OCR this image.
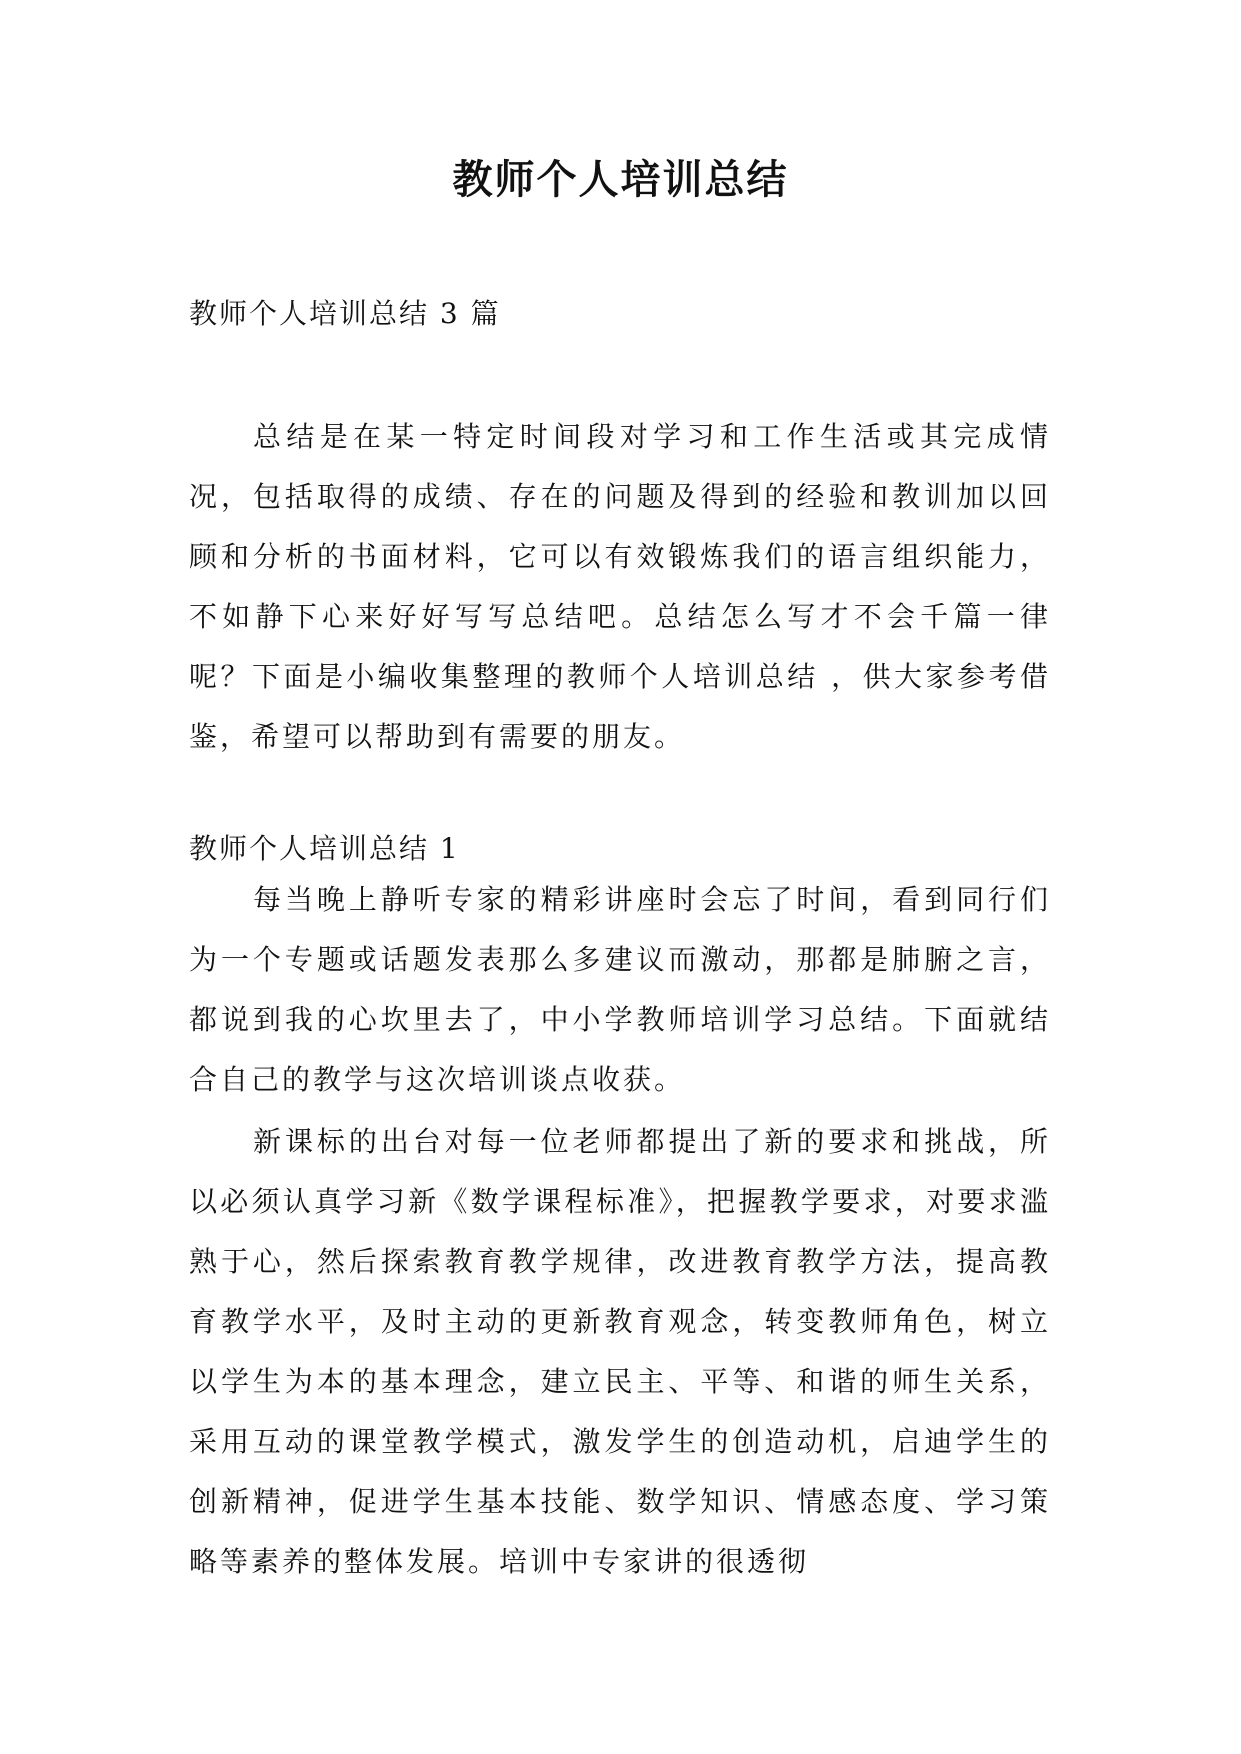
教师个人培训总结

教师个人培训总结 3 篇

总结是在某一特定时间段对学习和工作生活或其完成情况，包括取得的成绩、存在的问题及得到的经验和教训加以回顾和分析的书面材料，它可以有效锻炼我们的语言组织能力，不如静下心来好好写写总结吧。总结怎么写才不会千篇一律呢？下面是小编收集整理的教师个人培训总结 ，供大家参考借鉴，希望可以帮助到有需要的朋友。

教师个人培训总结 1

每当晚上静听专家的精彩讲座时会忘了时间，看到同行们为一个专题或话题发表那么多建议而激动，那都是肺腑之言，都说到我的心坎里去了，中小学教师培训学习总结。下面就结合自己的教学与这次培训谈点收获。

新课标的出台对每一位老师都提出了新的要求和挑战，所以必须认真学习新《数学课程标准》，把握教学要求，对要求滥熟于心，然后探索教育教学规律，改进教育教学方法，提高教育教学水平，及时主动的更新教育观念，转变教师角色，树立以学生为本的基本理念，建立民主、平等、和谐的师生关系，采用互动的课堂教学模式，激发学生的创造动机，启迪学生的创新精神，促进学生基本技能、数学知识、情感态度、学习策略等素养的整体发展。培训中专家讲的很透彻
